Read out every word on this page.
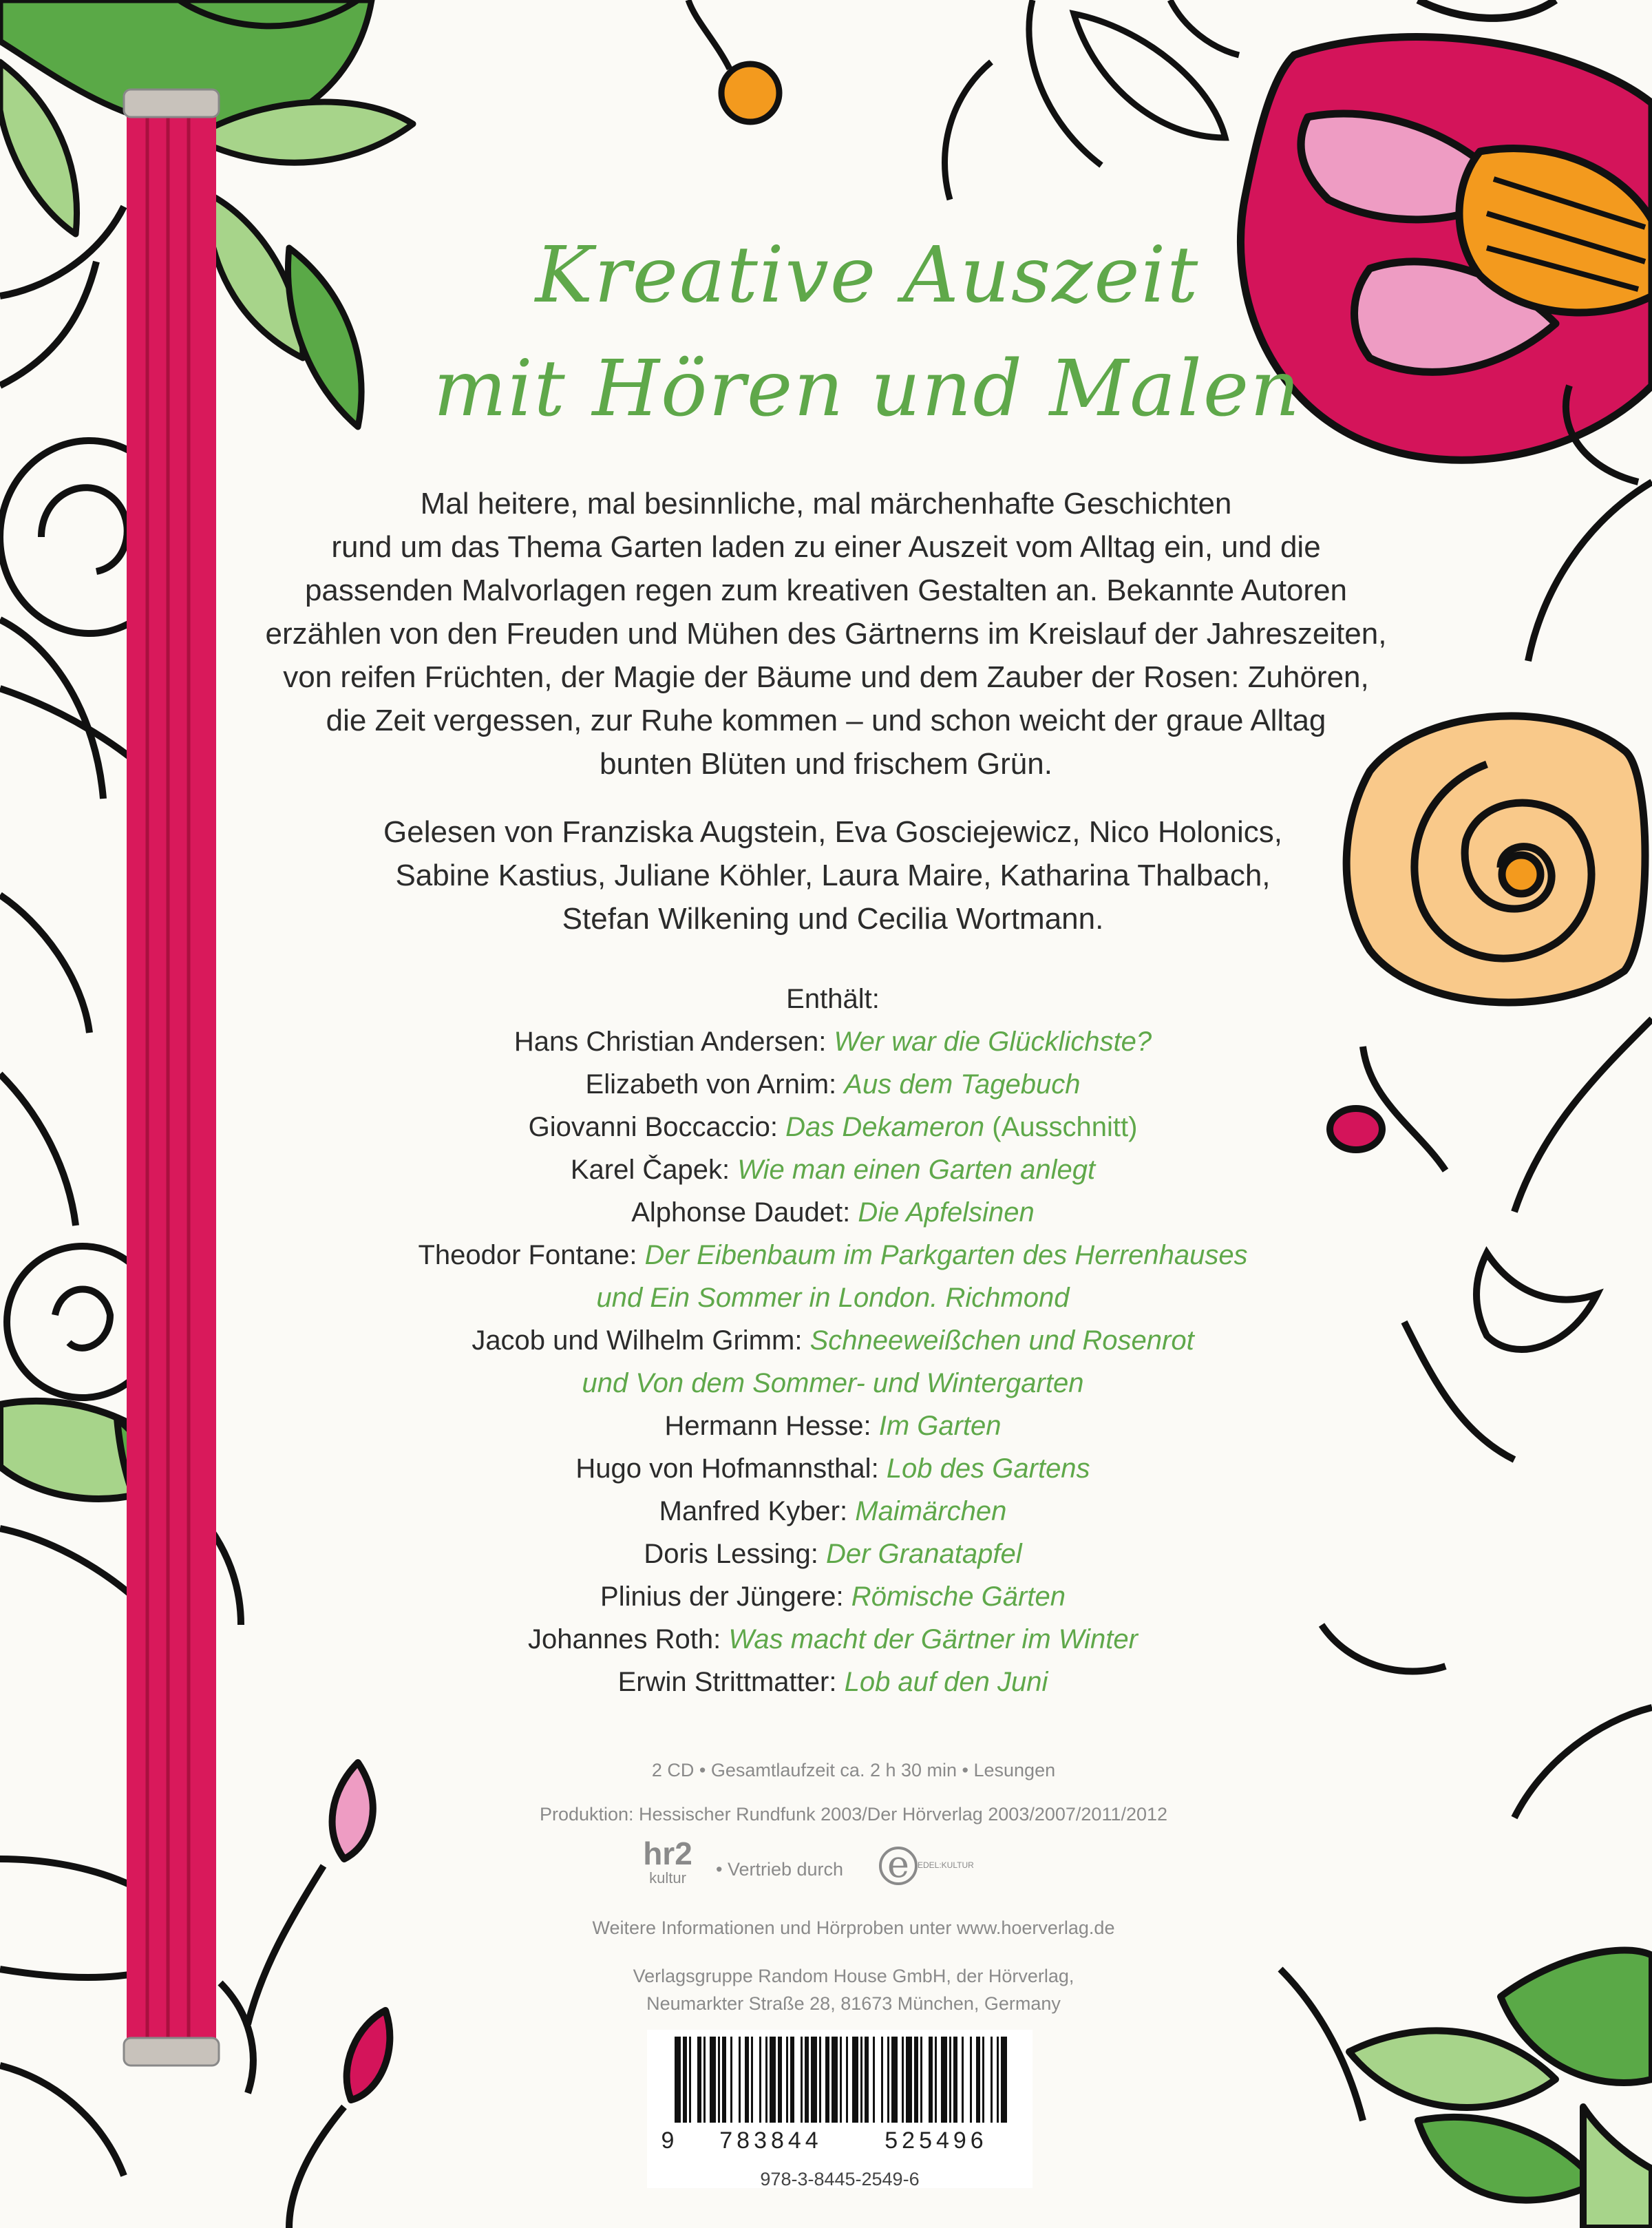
Kreative Auszeit
mit Hören und Malen
Mal heitere, mal besinnliche, mal märchenhafte Geschichten
rund um das Thema Garten laden zu einer Auszeit vom Alltag ein, und die
passenden Malvorlagen regen zum kreativen Gestalten an. Bekannte Autoren
erzählen von den Freuden und Mühen des Gärtnerns im Kreislauf der Jahreszeiten,
von reifen Früchten, der Magie der Bäume und dem Zauber der Rosen: Zuhören,
die Zeit vergessen, zur Ruhe kommen – und schon weicht der graue Alltag
bunten Blüten und frischem Grün.
Gelesen von Franziska Augstein, Eva Gosciejewicz, Nico Holonics,
Sabine Kastius, Juliane Köhler, Laura Maire, Katharina Thalbach,
Stefan Wilkening und Cecilia Wortmann.
Enthält:
Hans Christian Andersen: Wer war die Glücklichste?
Elizabeth von Arnim: Aus dem Tagebuch
Giovanni Boccaccio: Das Dekameron (Ausschnitt)
Karel Čapek: Wie man einen Garten anlegt
Alphonse Daudet: Die Apfelsinen
Theodor Fontane: Der Eibenbaum im Parkgarten des Herrenhauses
und Ein Sommer in London. Richmond
Jacob und Wilhelm Grimm: Schneeweißchen und Rosenrot
und Von dem Sommer- und Wintergarten
Hermann Hesse: Im Garten
Hugo von Hofmannsthal: Lob des Gartens
Manfred Kyber: Maimärchen
Doris Lessing: Der Granatapfel
Plinius der Jüngere: Römische Gärten
Johannes Roth: Was macht der Gärtner im Winter
Erwin Strittmatter: Lob auf den Juni
2 CD • Gesamtlaufzeit ca. 2 h 30 min • Lesungen
Produktion: Hessischer Rundfunk 2003/Der Hörverlag 2003/2007/2011/2012
hr2
kultur	• Vertrieb durch	e EDEL:KULTUR
Weitere Informationen und Hörproben unter www.hoerverlag.de
Verlagsgruppe Random House GmbH, der Hörverlag,
Neumarkter Straße 28, 81673 München, Germany
9	783844	525496
978-3-8445-2549-6
